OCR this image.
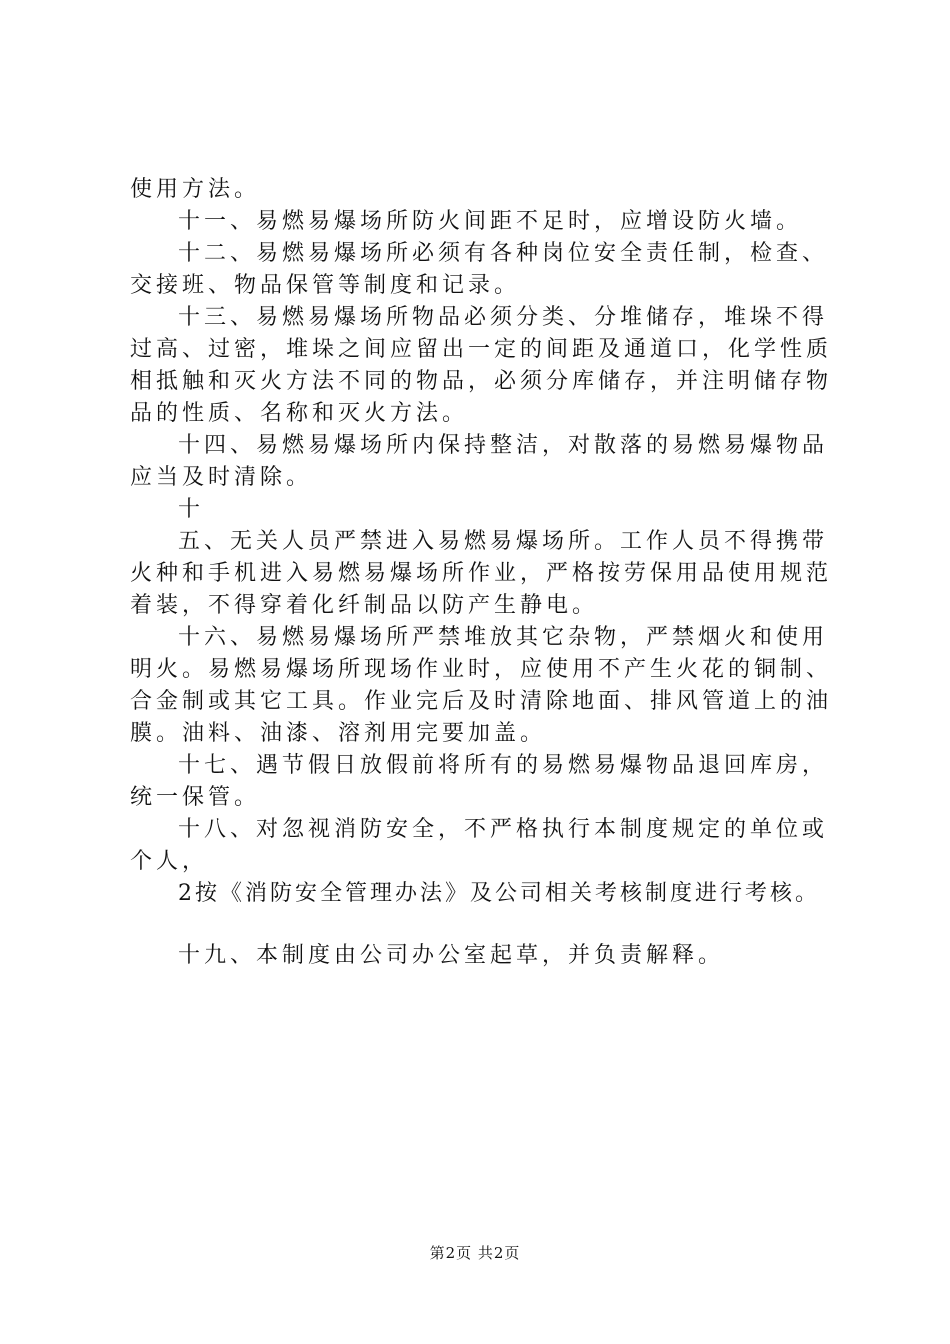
使用方法。
十一、易燃易爆场所防火间距不足时，应增设防火墙。
十二、易燃易爆场所必须有各种岗位安全责任制，检查、
交接班、物品保管等制度和记录。
十三、易燃易爆场所物品必须分类、分堆储存，堆垛不得
过高、过密，堆垛之间应留出一定的间距及通道口，化学性质
相抵触和灭火方法不同的物品，必须分库储存，并注明储存物
品的性质、名称和灭火方法。
十四、易燃易爆场所内保持整洁，对散落的易燃易爆物品
应当及时清除。
十
五、无关人员严禁进入易燃易爆场所。工作人员不得携带
火种和手机进入易燃易爆场所作业，严格按劳保用品使用规范
着装，不得穿着化纤制品以防产生静电。
十六、易燃易爆场所严禁堆放其它杂物，严禁烟火和使用
明火。易燃易爆场所现场作业时，应使用不产生火花的铜制、
合金制或其它工具。作业完后及时清除地面、排风管道上的油
膜。油料、油漆、溶剂用完要加盖。
十七、遇节假日放假前将所有的易燃易爆物品退回库房，
统一保管。
十八、对忽视消防安全，不严格执行本制度规定的单位或
个人，
2按《消防安全管理办法》及公司相关考核制度进行考核。
十九、本制度由公司办公室起草，并负责解释。
第2页 共2页
